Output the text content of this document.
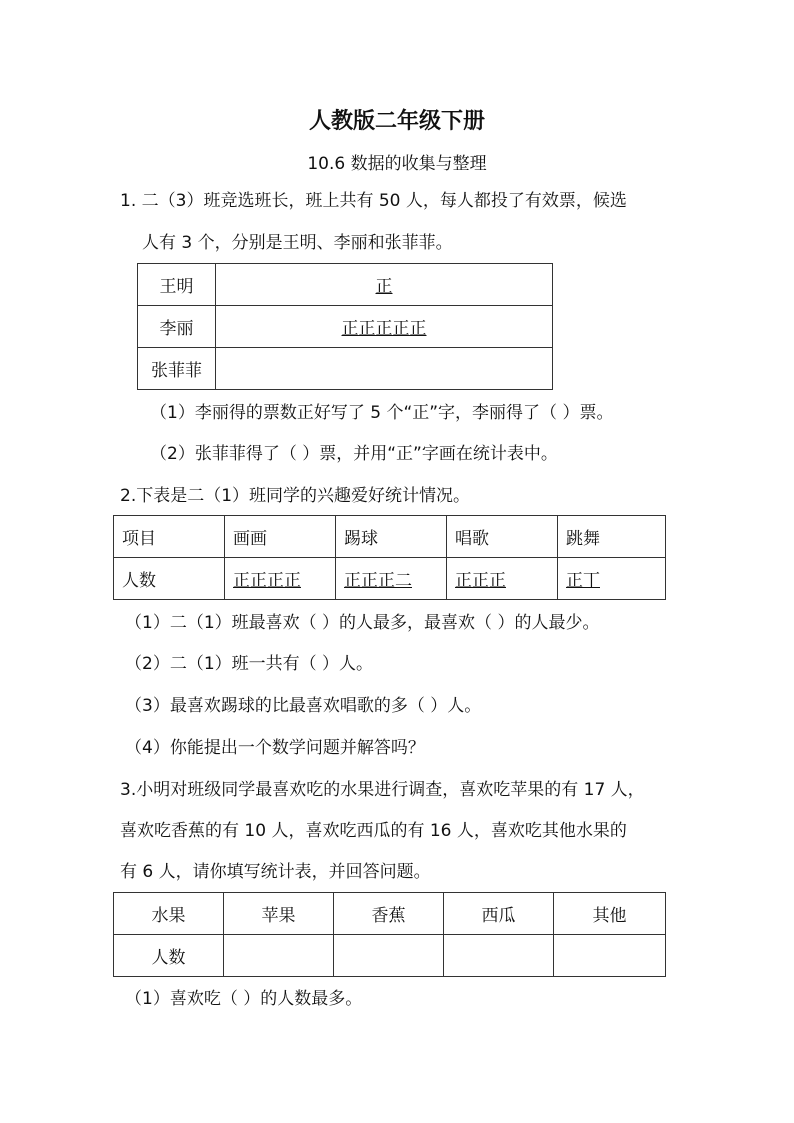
人教版二年级下册
10.6 数据的收集与整理
1. 二（3）班竞选班长，班上共有 50 人，每人都投了有效票，候选
人有 3 个，分别是王明、李丽和张菲菲。
王明	正
李丽	正正正正正
张菲菲	
（1）李丽得的票数正好写了 5 个“正”字，李丽得了（ ）票。
（2）张菲菲得了（ ）票，并用“正”字画在统计表中。
2.下表是二（1）班同学的兴趣爱好统计情况。
项目	画画	踢球	唱歌	跳舞
人数	正正正正	正正正二	正正正	正丅
（1）二（1）班最喜欢（ ）的人最多，最喜欢（ ）的人最少。
（2）二（1）班一共有（ ）人。
（3）最喜欢踢球的比最喜欢唱歌的多（ ）人。
（4）你能提出一个数学问题并解答吗？
3.小明对班级同学最喜欢吃的水果进行调查，喜欢吃苹果的有 17 人，
喜欢吃香蕉的有 10 人，喜欢吃西瓜的有 16 人，喜欢吃其他水果的
有 6 人，请你填写统计表，并回答问题。
水果	苹果	香蕉	西瓜	其他
人数				
（1）喜欢吃（ ）的人数最多。
